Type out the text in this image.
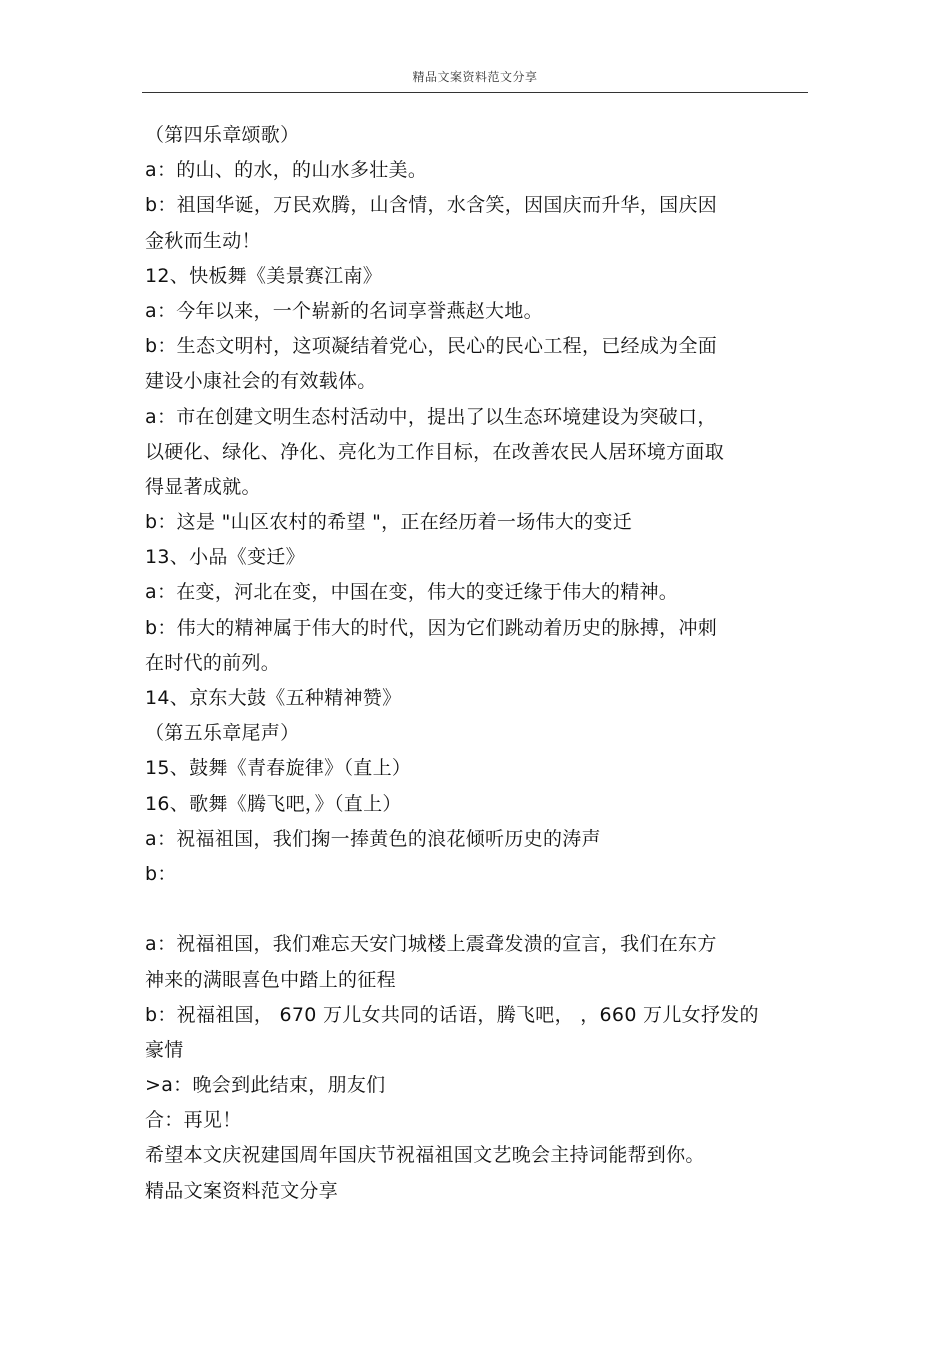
精品文案资料范文分享
（第四乐章颂歌）
a：的山、的水，的山水多壮美。
b：祖国华诞，万民欢腾，山含情，水含笑，因国庆而升华，国庆因
金秋而生动！
12、快板舞《美景赛江南》
a：今年以来，一个崭新的名词享誉燕赵大地。
b：生态文明村，这项凝结着党心，民心的民心工程，已经成为全面
建设小康社会的有效载体。
a：市在创建文明生态村活动中，提出了以生态环境建设为突破口，
以硬化、绿化、净化、亮化为工作目标，在改善农民人居环境方面取
得显著成就。
b：这是 "山区农村的希望 "，正在经历着一场伟大的变迁
13、小品《变迁》
a：在变，河北在变，中国在变，伟大的变迁缘于伟大的精神。
b：伟大的精神属于伟大的时代，因为它们跳动着历史的脉搏，冲刺
在时代的前列。
14、京东大鼓《五种精神赞》
（第五乐章尾声）
15、鼓舞《青春旋律》（直上）
16、歌舞《腾飞吧，》（直上）
a：祝福祖国，我们掬一捧黄色的浪花倾听历史的涛声
b：
a：祝福祖国，我们难忘天安门城楼上震聋发溃的宣言，我们在东方
神来的满眼喜色中踏上的征程
b：祝福祖国， 670 万儿女共同的话语，腾飞吧， ，660 万儿女抒发的
豪情
>a：晚会到此结束，朋友们
合：再见！
希望本文庆祝建国周年国庆节祝福祖国文艺晚会主持词能帮到你。
精品文案资料范文分享
